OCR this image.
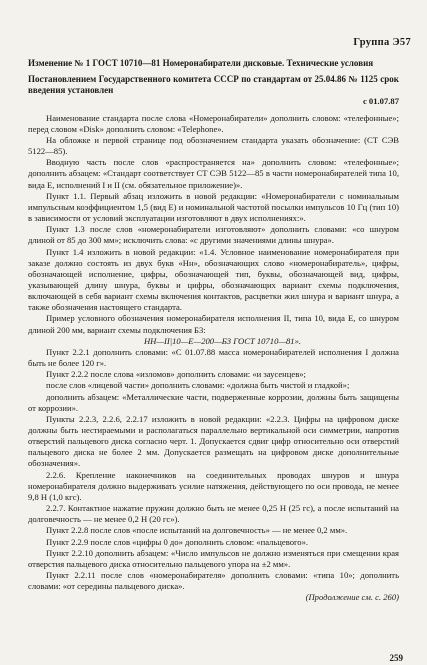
Группа Э57

Изменение № 1 ГОСТ 10710—81 Номеронабиратели дисковые. Технические условия

Постановлением Государственного комитета СССР по стандартам от 25.04.86 № 1125 срок введения установлен

с 01.07.87

Наименование стандарта после слова «Номеронабиратели» дополнить словом: «телефонные»; перед словом «Disk» дополнить словом: «Telephone».

На обложке и первой странице под обозначением стандарта указать обозначение: (СТ СЭВ 5122—85).

Вводную часть после слов «распространяется на» дополнить словом: «телефонные»; дополнить абзацем: «Стандарт соответствует СТ СЭВ 5122—85 в части номеронабирателей типа 10, вида Е, исполнений I и II (см. обязательное приложение)».

Пункт 1.1. Первый абзац изложить в новой редакции: «Номеронабиратели с номинальным импульсным коэффициентом 1,5 (вид Е) и номинальной частотой посылки импульсов 10 Гц (тип 10) в зависимости от условий эксплуатации изготовляют в двух исполнениях:».

Пункт 1.3 после слов «номеронабиратели изготовляют» дополнить словами: «со шнуром длиной от 85 до 300 мм»; исключить слова: «с другими значениями длины шнура».

Пункт 1.4 изложить в новой редакции: «1.4. Условное наименование номеронабирателя при заказе должно состоять из двух букв «Нн», обозначающих слово «номеронабиратель», цифры, обозначающей исполнение, цифры, обозначающей тип, буквы, обозначающей вид, цифры, указывающей длину шнура, буквы и цифры, обозначающих вариант схемы подключения, включающей в себя вариант схемы включения контактов, расцветки жил шнура и вариант шнура, а также обозначения настоящего стандарта.

Пример условного обозначения номеронабирателя исполнения II, типа 10, вида Е, со шнуром длиной 200 мм, вариант схемы подключения Б3:

НН—II|10—Е—200—Б3 ГОСТ 10710—81».

Пункт 2.2.1 дополнить словами: «С 01.07.88 масса номеронабирателей исполнения I должна быть не более 120 г».

Пункт 2.2.2 после слова «изломов» дополнить словами: «и заусенцев»;

после слов «лицевой части» дополнить словами: «должна быть чистой и гладкой»;

дополнить абзацем: «Металлические части, подверженные коррозии, должны быть защищены от коррозии».

Пункты 2.2.3, 2.2.6, 2.2.17 изложить в новой редакции: «2.2.3. Цифры на цифровом диске должны быть нестираемыми и располагаться параллельно вертикальной оси симметрии, напротив отверстий пальцевого диска согласно черт. 1. Допускается сдвиг цифр относительно оси отверстий пальцевого диска не более 2 мм. Допускается размещать на цифровом диске дополнительные обозначения».

2.2.6. Крепление наконечников на соединительных проводах шнуров и шнура номеронабирателя должно выдерживать усилие натяжения, действующего по оси провода, не менее 9,8 Н (1,0 кгс).

2.2.7. Контактное нажатие пружин должно быть не менее 0,25 Н (25 гс), а после испытаний на долговечность — не менее 0,2 Н (20 гс»).

Пункт 2.2.8 после слов «после испытаний на долговечность» — не менее 0,2 мм».

Пункт 2.2.9 после слов «цифры 0 до» дополнить словом: «пальцевого».

Пункт 2.2.10 дополнить абзацем: «Число импульсов не должно изменяться при смещении края отверстия пальцевого диска относительно пальцевого упора на ±2 мм».

Пункт 2.2.11 после слов «номеронабирателя» дополнить словами: «типа 10»; дополнить словами: «от середины пальцевого диска».

(Продолжение см. с. 260)

259
